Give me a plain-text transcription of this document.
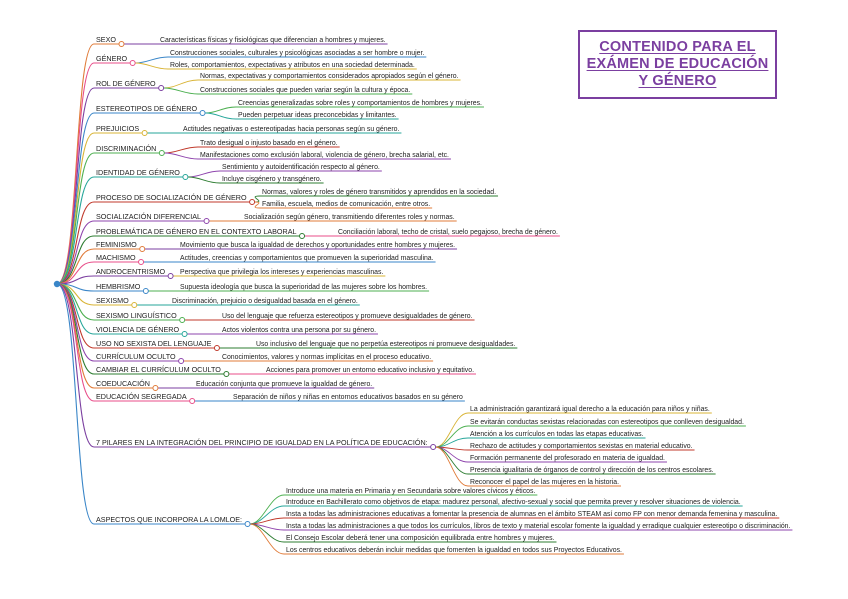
SEXO	Características físicas y fisiológicas que diferencian a hombres y mujeres.
GÉNERO
Construcciones sociales, culturales y psicológicas asociadas a ser hombre o mujer.
Roles, comportamientos, expectativas y atributos en una sociedad determinada.
ROL DE GÉNERO
Normas, expectativas y comportamientos considerados apropiados según el género.
Construcciones sociales que pueden variar según la cultura y época.
ESTEREOTIPOS DE GÉNERO
Creencias generalizadas sobre roles y comportamientos de hombres y mujeres.
Pueden perpetuar ideas preconcebidas y limitantes.
PREJUICIOS	Actitudes negativas o estereotipadas hacia personas según su género.
DISCRIMINACIÓN
Trato desigual o injusto basado en el género.
Manifestaciones como exclusión laboral, violencia de género, brecha salarial, etc.
IDENTIDAD DE GÉNERO
Sentimiento y autoidentificación respecto al género.
Incluye cisgénero y transgénero.
PROCESO DE SOCIALIZACIÓN DE GÉNERO
Normas, valores y roles de género transmitidos y aprendidos en la sociedad.
Familia, escuela, medios de comunicación, entre otros.
SOCIALIZACIÓN DIFERENCIAL	Socialización según género, transmitiendo diferentes roles y normas.
PROBLEMÁTICA DE GÉNERO EN EL CONTEXTO LABORAL	Conciliación laboral, techo de cristal, suelo pegajoso, brecha de género.
FEMINISMO	Movimiento que busca la igualdad de derechos y oportunidades entre hombres y mujeres.
MACHISMO	Actitudes, creencias y comportamientos que promueven la superioridad masculina.
ANDROCENTRISMO Perspectiva que privilegia los intereses y experiencias masculinas.
HEMBRISMO	Supuesta ideología que busca la superioridad de las mujeres sobre los hombres.
SEXISMO	Discriminación, prejuicio o desigualdad basada en el género.
SEXISMO LINGUÍSTICO	Uso del lenguaje que refuerza estereotipos y promueve desigualdades de género.
VIOLENCIA DE GÉNERO	Actos violentos contra una persona por su género.
USO NO SEXISTA DEL LENGUAJE	Uso inclusivo del lenguaje que no perpetúa estereotipos ni promueve desigualdades.
CURRÍCULUM OCULTO	Conocimientos, valores y normas implícitas en el proceso educativo.
CAMBIAR EL CURRÍCULUM OCULTO	Acciones para promover un entorno educativo inclusivo y equitativo.
COEDUCACIÓN	Educación conjunta que promueve la igualdad de género.
EDUCACIÓN SEGREGADA	Separación de niños y niñas en entornos educativos basados en su género
7 PILARES EN LA INTEGRACIÓN DEL PRINCIPIO DE IGUALDAD EN LA POLÍTICA DE EDUCACIÓN:
La administración garantizará igual derecho a la educación para niños y niñas.
Se evitarán conductas sexistas relacionadas con estereotipos que conlleven desigualdad.
Atención a los currículos en todas las etapas educativas.
Rechazo de actitudes y comportamientos sexistas en material educativo.
Formación permanente del profesorado en materia de igualdad.
Presencia igualitaria de órganos de control y dirección de los centros escolares.
Reconocer el papel de las mujeres en la historia.
ASPECTOS QUE INCORPORA LA LOMLOE:
Introduce una materia en Primaria y en Secundaria sobre valores cívicos y éticos.
Introduce en Bachillerato como objetivos de etapa: madurez personal, afectivo-sexual y social que permita prever y resolver situaciones de violencia.
Insta a todas las administraciones educativas a fomentar la presencia de alumnas en el ámbito STEAM así como FP con menor demanda femenina y masculina.
Insta a todas las administraciones a que todos los currículos, libros de texto y material escolar fomente la igualdad y erradique cualquier estereotipo o discriminación.
El Consejo Escolar deberá tener una composición equilibrada entre hombres y mujeres.
Los centros educativos deberán incluir medidas que fomenten la igualdad en todos sus Proyectos Educativos.
CONTENIDO PARA EL EXÁMEN DE EDUCACIÓN Y GÉNERO
